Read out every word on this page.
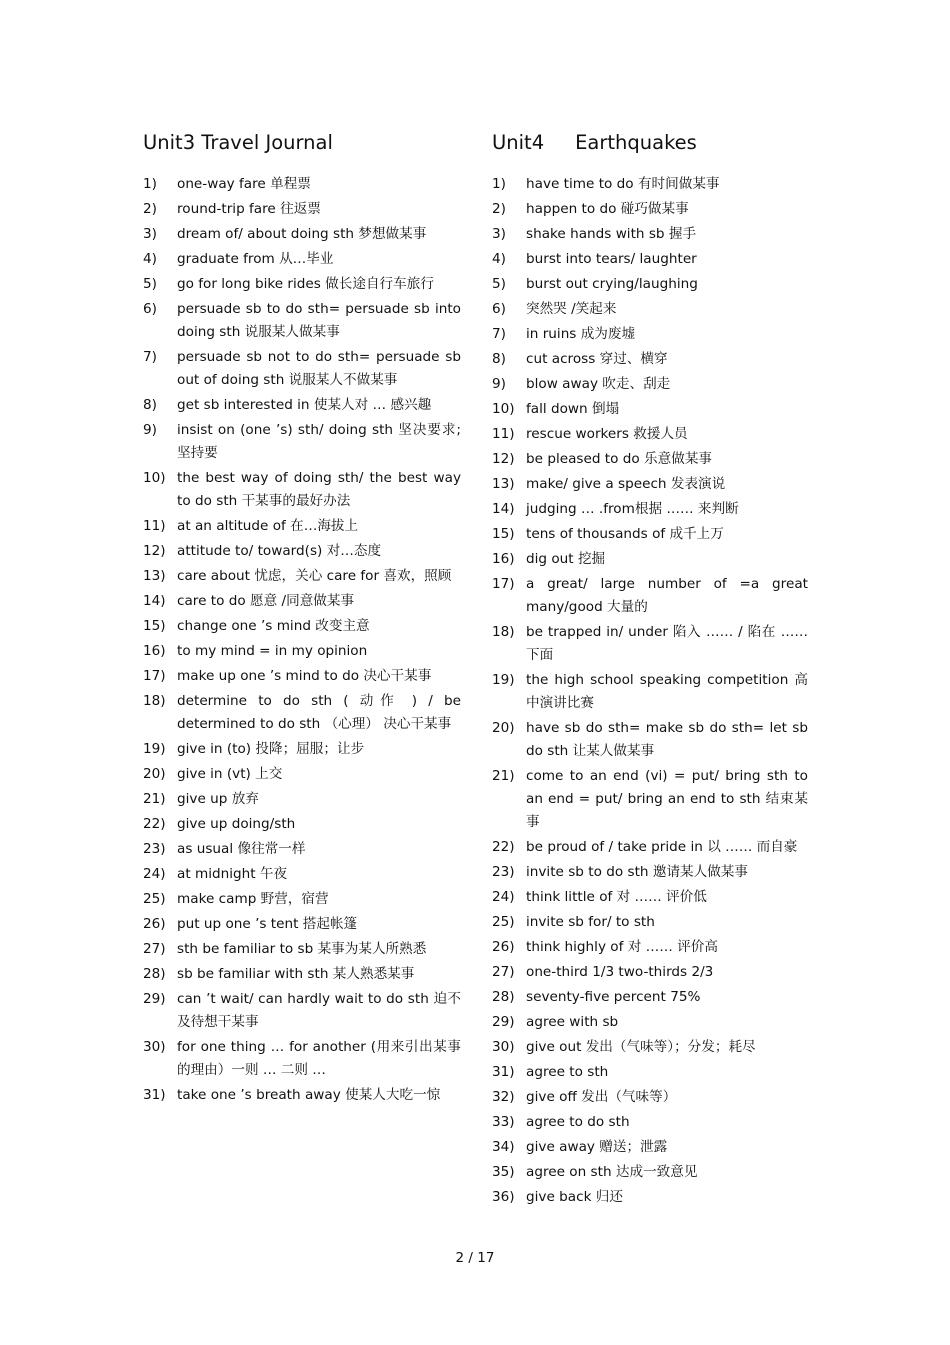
Unit3 Travel Journal
1) one-way fare 单程票
2) round-trip fare 往返票
3) dream of/ about doing sth 梦想做某事
4) graduate from 从…毕业
5) go for long bike rides 做长途自行车旅行
6) persuade sb to do sth= persuade sb into doing sth 说服某人做某事
7) persuade sb not to do sth= persuade sb out of doing sth 说服某人不做某事
8) get sb interested in 使某人对 … 感兴趣
9) insist on (one ’s) sth/ doing sth 坚决要求; 坚持要
10) the best way of doing sth/ the best way to do sth 干某事的最好办法
11) at an altitude of 在…海拔上
12) attitude to/ toward(s) 对…态度
13) care about 忧虑，关心 care for 喜欢，照顾
14) care to do 愿意 /同意做某事
15) change one ’s mind 改变主意
16) to my mind = in my opinion
17) make up one ’s mind to do 决心干某事
18) determine to do sth ( 动作 ) / be determined to do sth （心理） 决心干某事
19) give in (to) 投降；屈服；让步
20) give in (vt) 上交
21) give up 放弃
22) give up doing/sth
23) as usual 像往常一样
24) at midnight 午夜
25) make camp 野营，宿营
26) put up one ’s tent 搭起帐篷
27) sth be familiar to sb 某事为某人所熟悉
28) sb be familiar with sth 某人熟悉某事
29) can ’t wait/ can hardly wait to do sth 迫不及待想干某事
30) for one thing … for another (用来引出某事的理由）一则 … 二则 …
31) take one ’s breath away 使某人大吃一惊
Unit4     Earthquakes
1) have time to do 有时间做某事
2) happen to do 碰巧做某事
3) shake hands with sb 握手
4) burst into tears/ laughter
5) burst out crying/laughing
6) 突然哭 /笑起来
7) in ruins 成为废墟
8) cut across 穿过、横穿
9) blow away 吹走、刮走
10) fall down 倒塌
11) rescue workers 救援人员
12) be pleased to do 乐意做某事
13) make/ give a speech 发表演说
14) judging … .from根据 …… 来判断
15) tens of thousands of 成千上万
16) dig out 挖掘
17) a great/ large number of =a great many/good 大量的
18) be trapped in/ under 陷入 …… / 陷在 …… 下面
19) the high school speaking competition 高中演讲比赛
20) have sb do sth= make sb do sth= let sb do sth 让某人做某事
21) come to an end (vi) = put/ bring sth to an end = put/ bring an end to sth 结束某事
22) be proud of / take pride in 以 …… 而自豪
23) invite sb to do sth 邀请某人做某事
24) think little of 对 …… 评价低
25) invite sb for/ to sth
26) think highly of 对 …… 评价高
27) one-third 1/3 two-thirds 2/3
28) seventy-five percent 75%
29) agree with sb
30) give out 发出（气味等）；分发；耗尽
31) agree to sth
32) give off 发出（气味等）
33) agree to do sth
34) give away 赠送；泄露
35) agree on sth 达成一致意见
36) give back 归还
2 / 17
